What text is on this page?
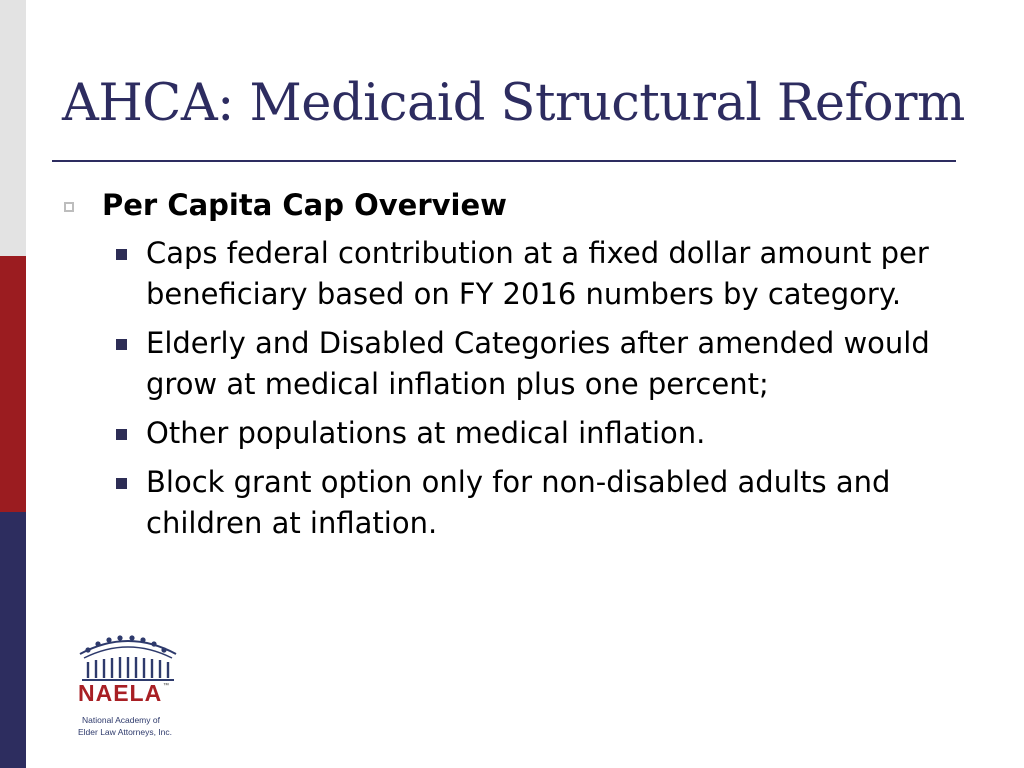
AHCA: Medicaid Structural Reform
Per Capita Cap Overview
Caps federal contribution at a fixed dollar amount per beneficiary based on FY 2016 numbers by category.
Elderly and Disabled Categories after amended would grow at medical inflation plus one percent;
Other populations at medical inflation.
Block grant option only for non-disabled adults and children at inflation.
NAELA ™
National Academy of
Elder Law Attorneys, Inc.
